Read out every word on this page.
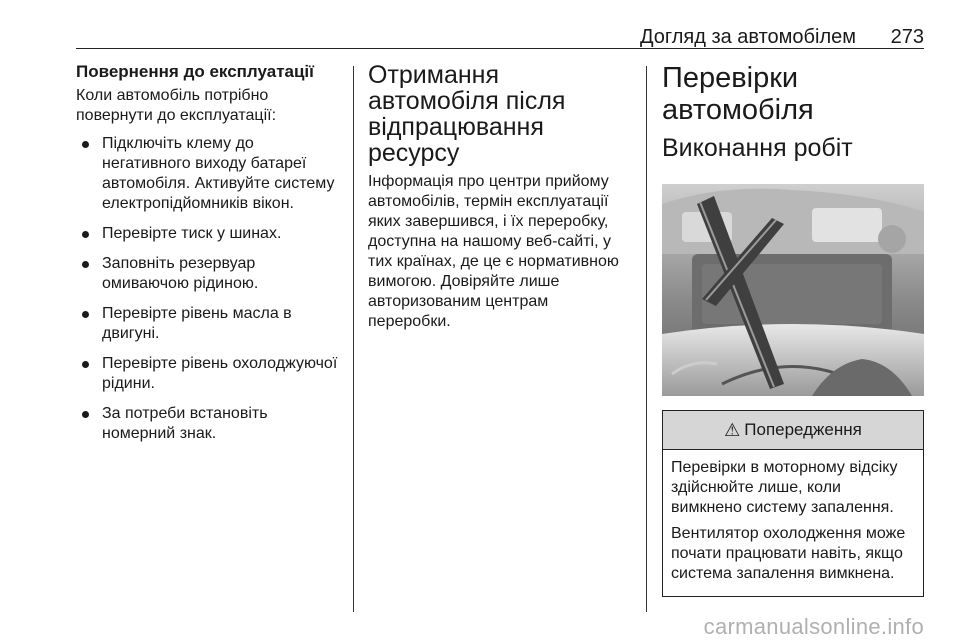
Догляд за автомобілем 273
Повернення до експлуатації
Коли автомобіль потрібно повернути до експлуатації:
Підключіть клему до негативного виходу батареї автомобіля. Активуйте систему електропідйомників вікон.
Перевірте тиск у шинах.
Заповніть резервуар омиваючою рідиною.
Перевірте рівень масла в двигуні.
Перевірте рівень охолоджуючої рідини.
За потреби встановіть номерний знак.
Отримання автомобіля після відпрацювання ресурсу
Інформація про центри прийому автомобілів, термін експлуатації яких завершився, і їх переробку, доступна на нашому веб-сайті, у тих країнах, де це є нормативною вимогою. Довіряйте лише авторизованим центрам переробки.
Перевірки автомобіля
Виконання робіт
⚠ Попередження
Перевірки в моторному відсіку здійснюйте лише, коли вимкнено систему запалення.
Вентилятор охолодження може почати працювати навіть, якщо система запалення вимкнена.
carmanualsonline.info
